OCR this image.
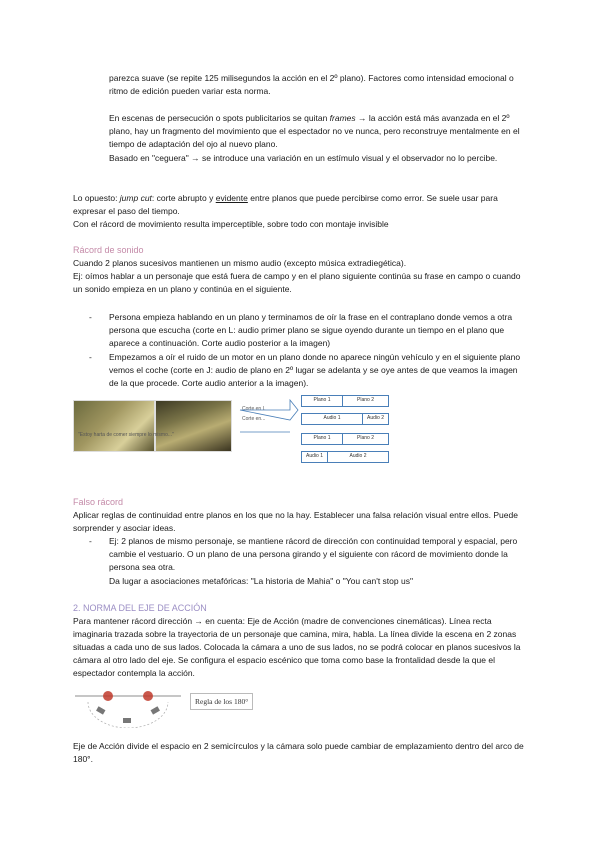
parezca suave (se repite 125 milisegundos la acción en el 2º plano). Factores como intensidad emocional o ritmo de edición pueden variar esta norma.

En escenas de persecución o spots publicitarios se quitan frames → la acción está más avanzada en el 2º plano, hay un fragmento del movimiento que el espectador no ve nunca, pero reconstruye mentalmente en el tiempo de adaptación del ojo al nuevo plano.

Basado en "ceguera" → se introduce una variación en un estímulo visual y el observador no lo percibe.

Lo opuesto: jump cut: corte abrupto y evidente entre planos que puede percibirse como error. Se suele usar para expresar el paso del tiempo.

Con el rácord de movimiento resulta imperceptible, sobre todo con montaje invisible

Rácord de sonido

Cuando 2 planos sucesivos mantienen un mismo audio (excepto música extradiegética).

Ej: oímos hablar a un personaje que está fuera de campo y en el plano siguiente continúa su frase en campo o cuando un sonido empieza en un plano y continúa en el siguiente.

- Persona empieza hablando en un plano y terminamos de oír la frase en el contraplano donde vemos a otra persona que escucha (corte en L: audio primer plano se sigue oyendo durante un tiempo en el plano que aparece a continuación. Corte audio posterior a la imagen)

- Empezamos a oír el ruido de un motor en un plano donde no aparece ningún vehículo y en el siguiente plano vemos el coche (corte en J: audio de plano en 2º lugar se adelanta y se oye antes de que veamos la imagen de la que procede. Corte audio anterior a la imagen).

"Estoy harta de comer siempre lo mismo..."
Corte en L
Corte en...
Plano 1	Plano 2
Audio 1	Audio 2
Plano 1	Plano 2
Audio 1	Audio 2

Falso rácord

Aplicar reglas de continuidad entre planos en los que no la hay. Establecer una falsa relación visual entre ellos. Puede sorprender y asociar ideas.

- Ej: 2 planos de mismo personaje, se mantiene rácord de dirección con continuidad temporal y espacial, pero cambie el vestuario. O un plano de una persona girando y el siguiente con rácord de movimiento donde la persona sea otra.

Da lugar a asociaciones metafóricas: "La historia de Mahia" o "You can't stop us"

2. NORMA DEL EJE DE ACCIÓN

Para mantener rácord dirección → en cuenta: Eje de Acción (madre de convenciones cinemáticas). Línea recta imaginaria trazada sobre la trayectoria de un personaje que camina, mira, habla. La línea divide la escena en 2 zonas situadas a cada uno de sus lados. Colocada la cámara a uno de sus lados, no se podrá colocar en planos sucesivos la cámara al otro lado del eje. Se configura el espacio escénico que toma como base la frontalidad desde la que el espectador contempla la acción.

Regla de los 180°

Eje de Acción divide el espacio en 2 semicírculos y la cámara solo puede cambiar de emplazamiento dentro del arco de 180°.
